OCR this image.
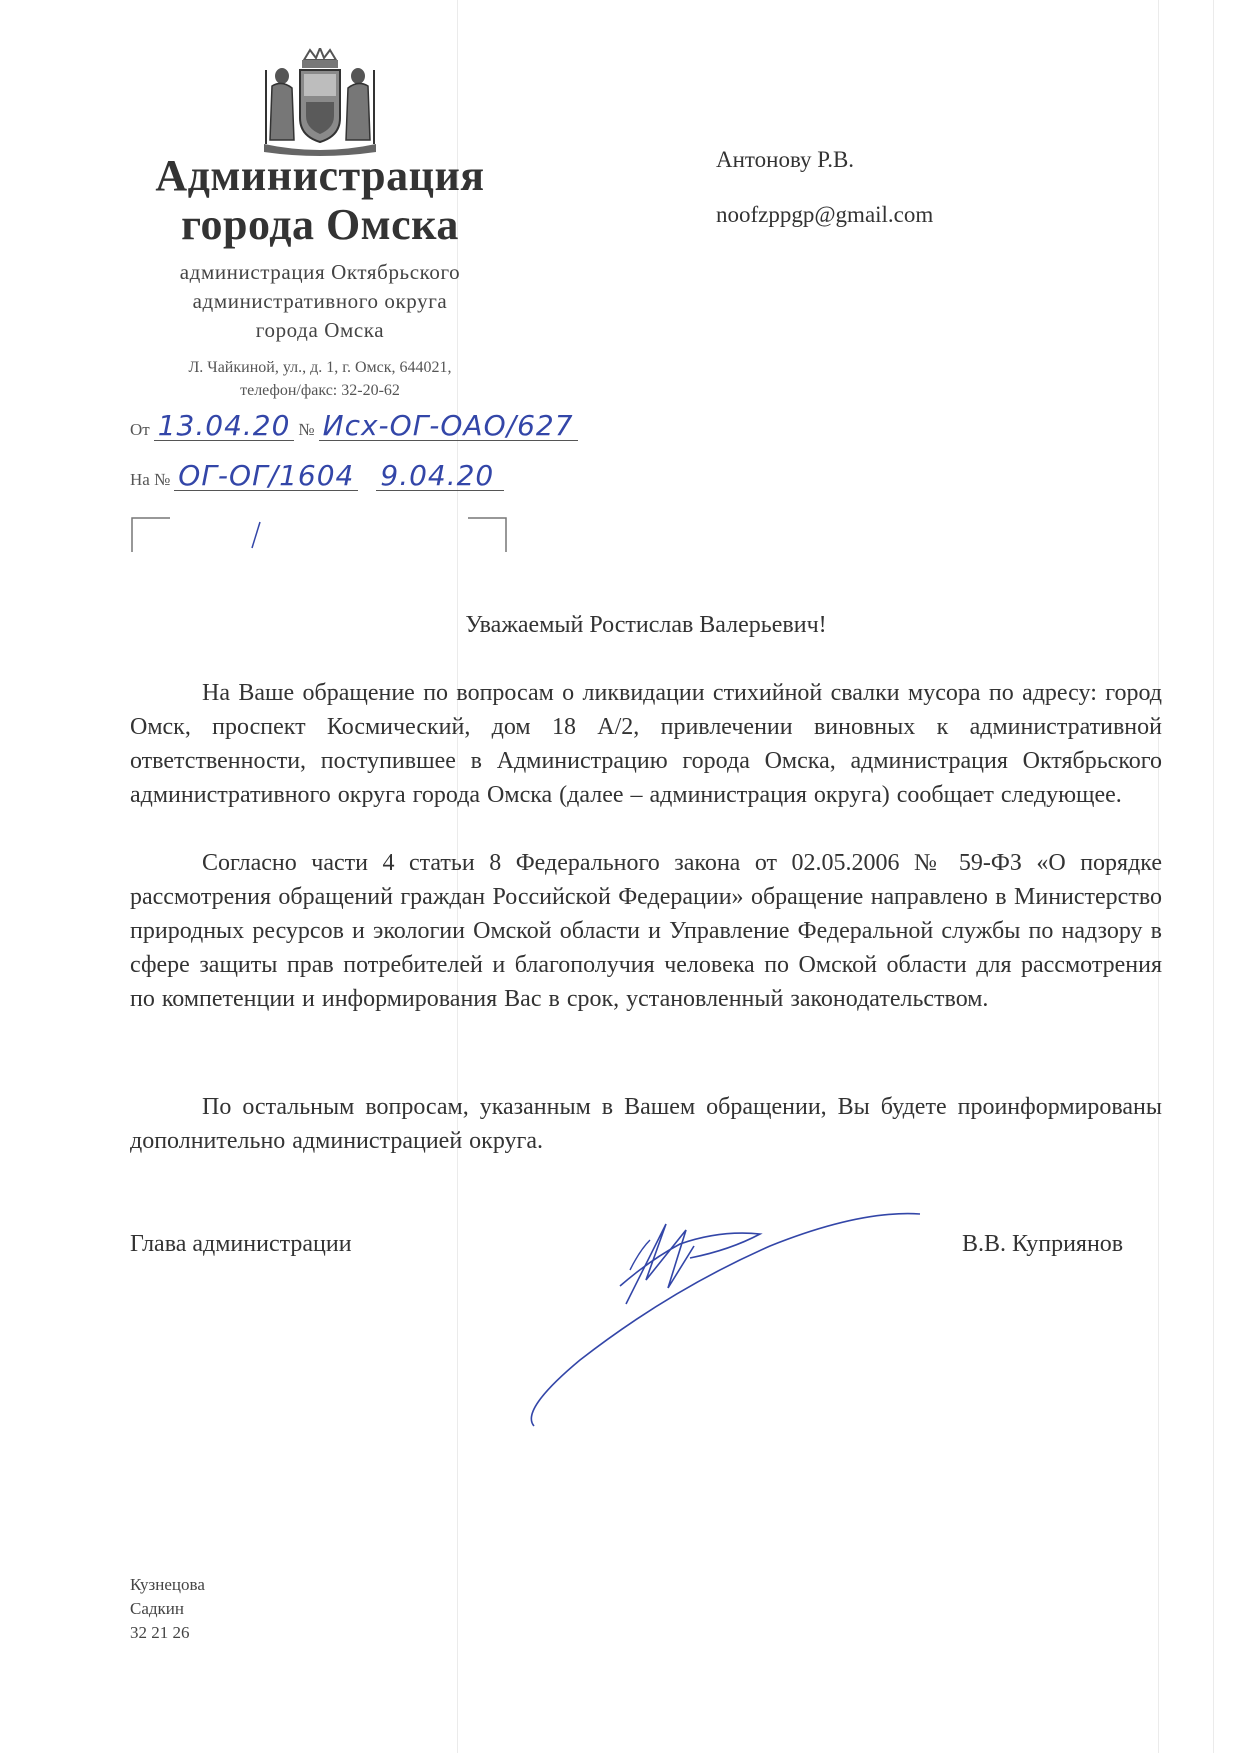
Администрация
города Омска
администрация Октябрьского
административного округа
города Омска
Л. Чайкиной, ул., д. 1, г. Омск, 644021,
телефон/факс: 32-20-62
От 13.04.20 № Исх-ОГ-ОАО/627
На № ОГ-ОГ/1604 9.04.20
Антонову Р.В.
noofzppgp@gmail.com
Уважаемый Ростислав Валерьевич!

На Ваше обращение по вопросам о ликвидации стихийной свалки мусора по адресу: город Омск, проспект Космический, дом 18 А/2, привлечении виновных к административной ответственности, поступившее в Администрацию города Омска, администрация Октябрьского административного округа города Омска (далее – администрация округа) сообщает следующее.

Согласно части 4 статьи 8 Федерального закона от 02.05.2006 № 59-ФЗ «О порядке рассмотрения обращений граждан Российской Федерации» обращение направлено в Министерство природных ресурсов и экологии Омской области и Управление Федеральной службы по надзору в сфере защиты прав потребителей и благополучия человека по Омской области для рассмотрения по компетенции и информирования Вас в срок, установленный законодательством.

По остальным вопросам, указанным в Вашем обращении, Вы будете проинформированы дополнительно администрацией округа.

Глава администрации	В.В. Куприянов
Кузнецова
Садкин
32 21 26
